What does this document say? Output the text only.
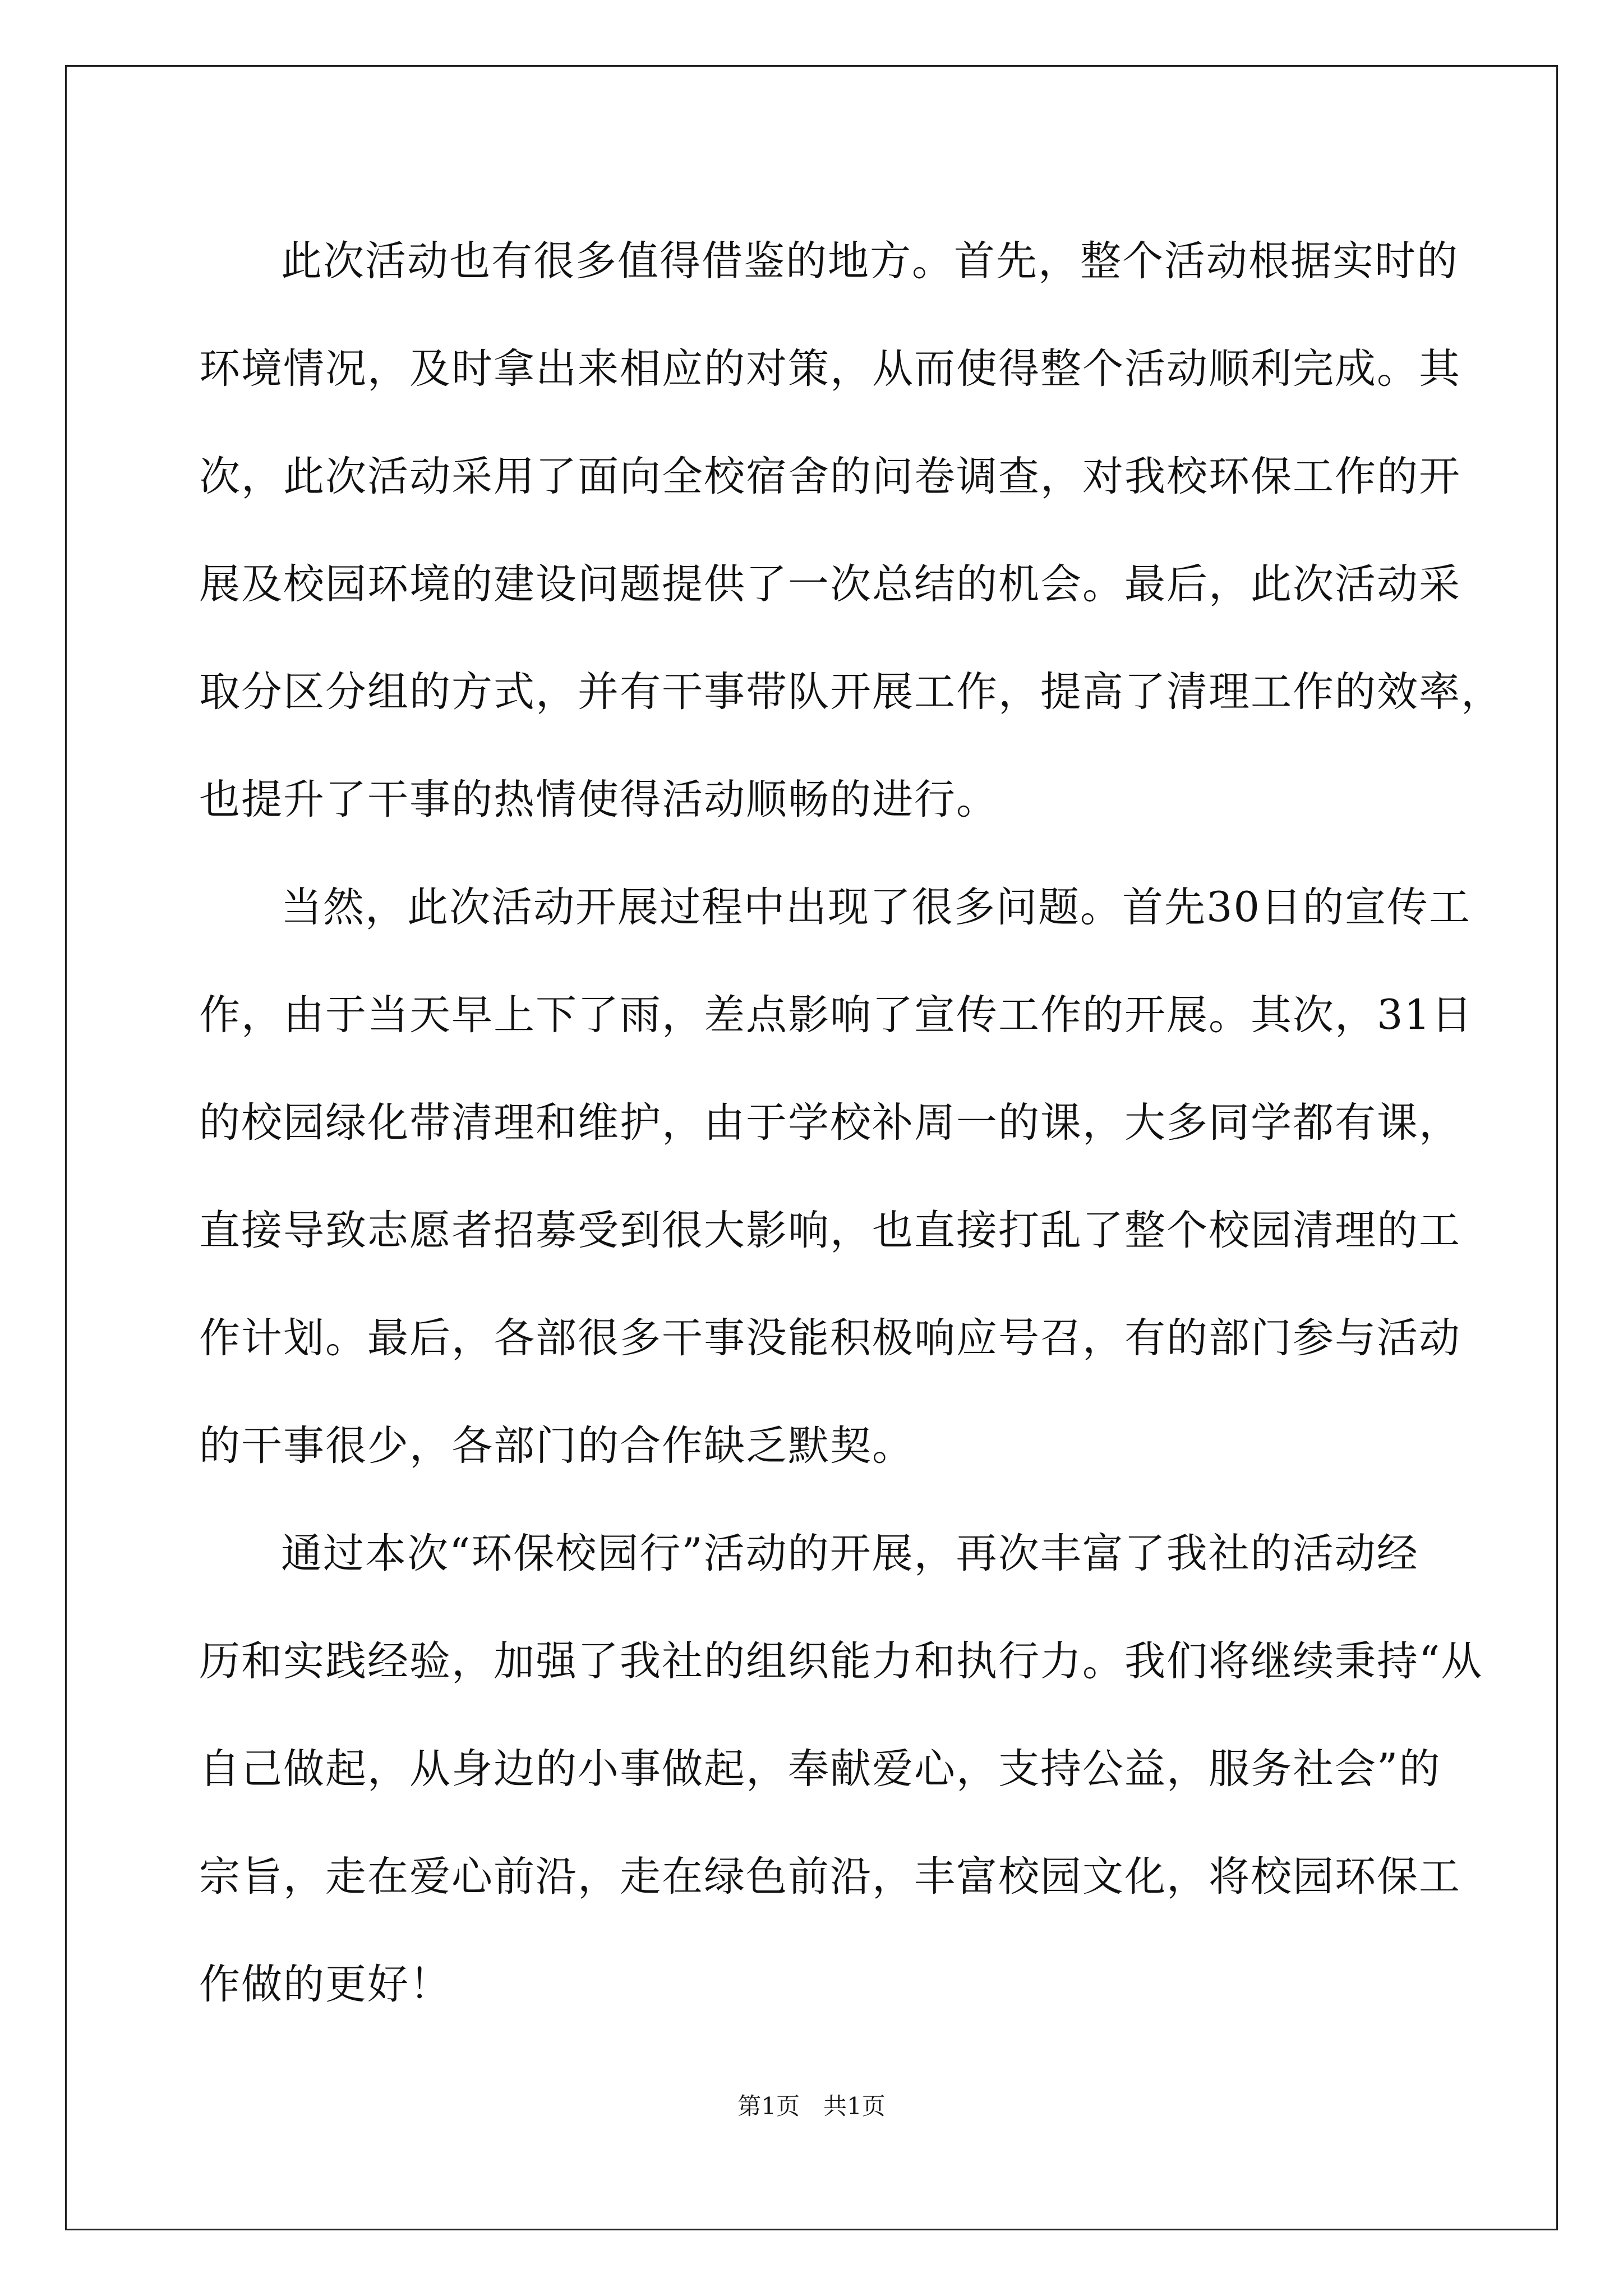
此次活动也有很多值得借鉴的地方。首先，整个活动根据实时的
环境情况，及时拿出来相应的对策，从而使得整个活动顺利完成。其
次，此次活动采用了面向全校宿舍的问卷调查，对我校环保工作的开
展及校园环境的建设问题提供了一次总结的机会。最后，此次活动采
取分区分组的方式，并有干事带队开展工作，提高了清理工作的效率，
也提升了干事的热情使得活动顺畅的进行。
当然，此次活动开展过程中出现了很多问题。首先30日的宣传工
作，由于当天早上下了雨，差点影响了宣传工作的开展。其次，31日
的校园绿化带清理和维护，由于学校补周一的课，大多同学都有课，
直接导致志愿者招募受到很大影响，也直接打乱了整个校园清理的工
作计划。最后，各部很多干事没能积极响应号召，有的部门参与活动
的干事很少，各部门的合作缺乏默契。
通过本次“环保校园行”活动的开展，再次丰富了我社的活动经
历和实践经验，加强了我社的组织能力和执行力。我们将继续秉持“从
自己做起，从身边的小事做起，奉献爱心，支持公益，服务社会”的
宗旨，走在爱心前沿，走在绿色前沿，丰富校园文化，将校园环保工
作做的更好！
第1页　共1页
